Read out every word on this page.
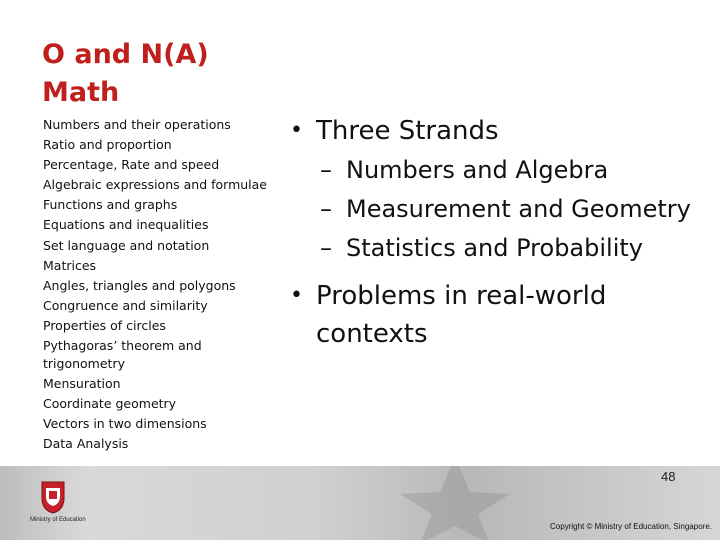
O and N(A)
Math
Numbers and their operations
Ratio and proportion
Percentage, Rate and speed
Algebraic expressions and formulae
Functions and graphs
Equations and inequalities
Set language and notation
Matrices
Angles, triangles and polygons
Congruence and similarity
Properties of circles
Pythagoras’ theorem and trigonometry
Mensuration
Coordinate geometry
Vectors in two dimensions
Data Analysis
• Three Strands
– Numbers and Algebra
– Measurement and Geometry
– Statistics and Probability
• Problems in real-world contexts
Ministry of Education
48
Copyright © Ministry of Education, Singapore.
